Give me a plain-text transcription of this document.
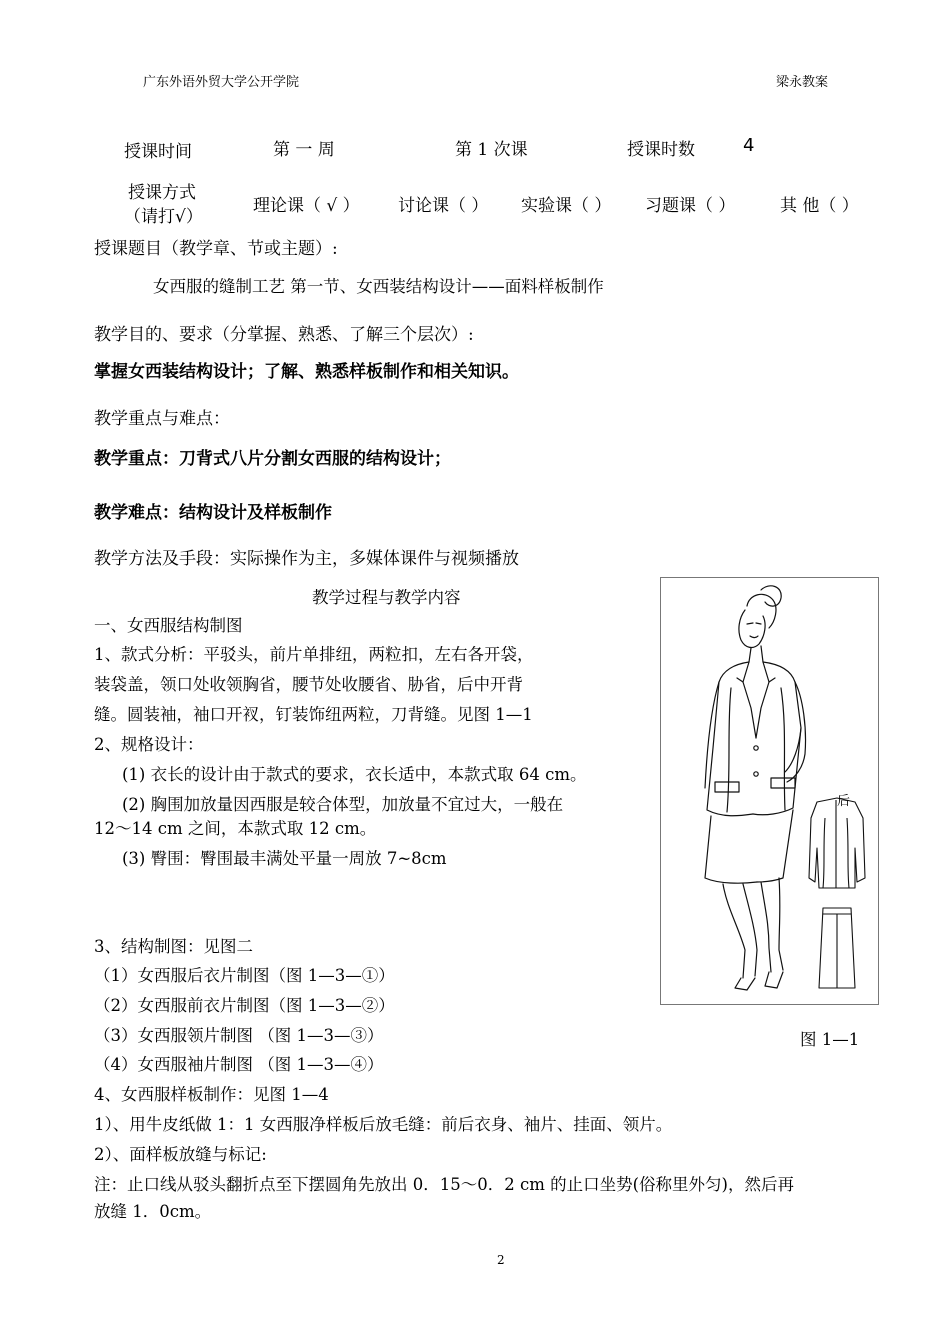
广东外语外贸大学公开学院	梁永教案
授课时间	第 一 周	第 1 次课	授课时数	4
授课方式
（请打√）
理论课（ √ ） 讨论课（ ） 实验课（ ） 习题课（ ）	其 他（ ）
授课题目（教学章、节或主题）:
女西服的缝制工艺 第一节、女西装结构设计——面料样板制作
教学目的、要求（分掌握、熟悉、了解三个层次）:
掌握女西装结构设计；了解、熟悉样板制作和相关知识。
教学重点与难点：
教学重点：刀背式八片分割女西服的结构设计；
教学难点：结构设计及样板制作
教学方法及手段：实际操作为主，多媒体课件与视频播放
教学过程与教学内容
一、女西服结构制图
1、款式分析：平驳头，前片单排纽，两粒扣，左右各开袋，
装袋盖，领口处收领胸省，腰节处收腰省、胁省，后中开背
缝。圆装袖，袖口开衩，钉装饰纽两粒，刀背缝。见图 1—1
2、规格设计：
(1) 衣长的设计由于款式的要求，衣长适中，本款式取 64 cm。
(2) 胸围加放量因西服是较合体型，加放量不宜过大，一般在
12～14 cm 之间，本款式取 12 cm。
(3) 臀围：臀围最丰满处平量一周放 7~8cm
3、结构制图：见图二
（1）女西服后衣片制图（图 1—3—①）
（2）女西服前衣片制图（图 1—3—②）
（3）女西服领片制图 （图 1—3—③）
（4）女西服袖片制图 （图 1—3—④）
4、女西服样板制作：见图 1—4
1）、用牛皮纸做 1：1 女西服净样板后放毛缝：前后衣身、袖片、挂面、领片。
2）、面样板放缝与标记:
注：止口线从驳头翻折点至下摆圆角先放出 0．15～0．2 cm 的止口坐势(俗称里外匀)，然后再
放缝 1．0cm。
后
图 1—1
2
